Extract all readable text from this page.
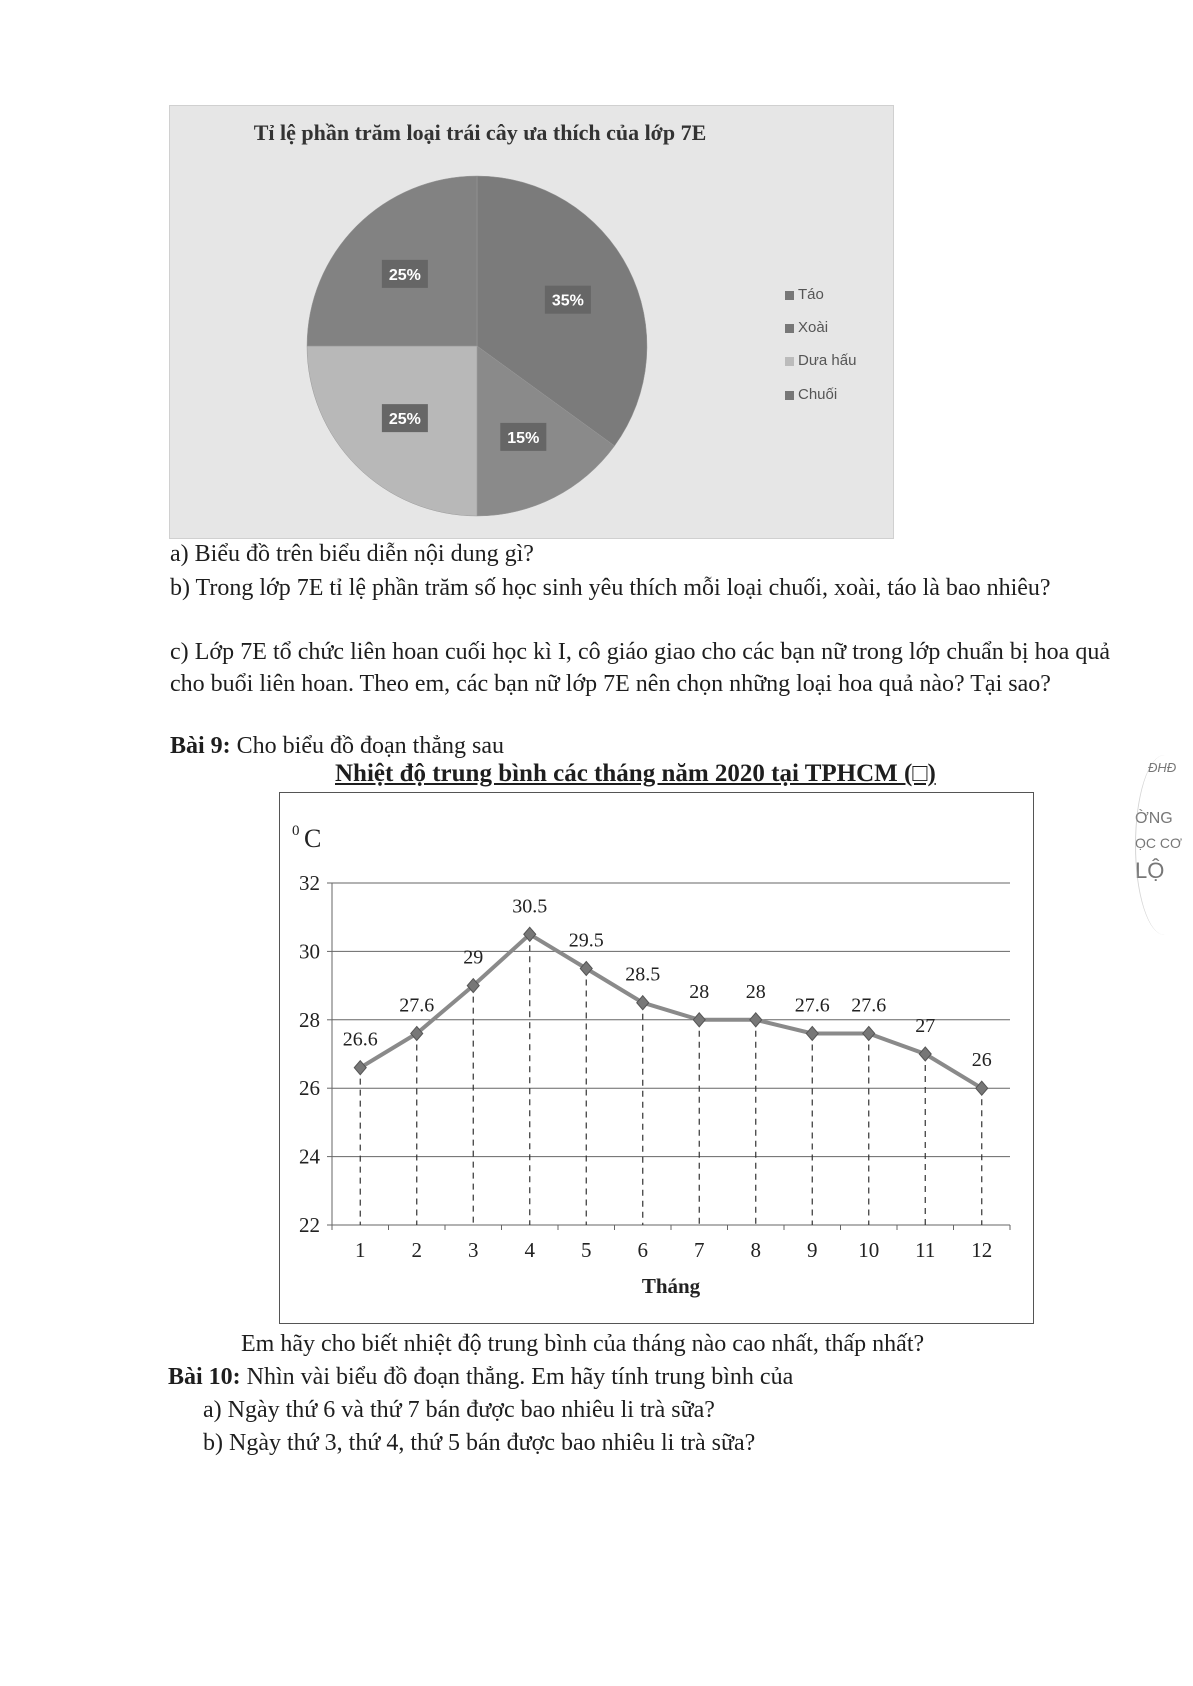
35%
15%
25%
25%
Tỉ lệ phần trăm loại trái cây ưa thích của lớp 7E
Táo
Xoài
Dưa hấu
Chuối
a) Biểu đồ trên biểu diễn nội dung gì?
b) Trong lớp 7E tỉ lệ phần trăm số học sinh yêu thích mỗi loại chuối, xoài, táo là bao nhiêu?
c) Lớp 7E tổ chức liên hoan cuối học kì I, cô giáo giao cho các bạn nữ trong lớp chuẩn bị hoa quả cho buổi liên hoan. Theo em, các bạn nữ lớp 7E nên chọn những loại hoa quả nào? Tại sao?
Bài 9: Cho biểu đồ đoạn thẳng sau
Nhiệt độ trung bình các tháng năm 2020 tại TPHCM (□)
0 C
22
24
26
28
30
32
1 2 3 4 5 6 7 8 9 10 11 12
Tháng
26.6
27.6
29
30.5
29.5
28.5
28 28
27.6 27.6
27
26
Em hãy cho biết nhiệt độ trung bình của tháng nào cao nhất, thấp nhất?
Bài 10: Nhìn vài biểu đồ đoạn thẳng. Em hãy tính trung bình của
a) Ngày thứ 6 và thứ 7 bán được bao nhiêu li trà sữa?
b) Ngày thứ 3, thứ 4, thứ 5 bán được bao nhiêu li trà sữa?
ĐHĐ
ỜNG
ỌC CƠ
LỘ
